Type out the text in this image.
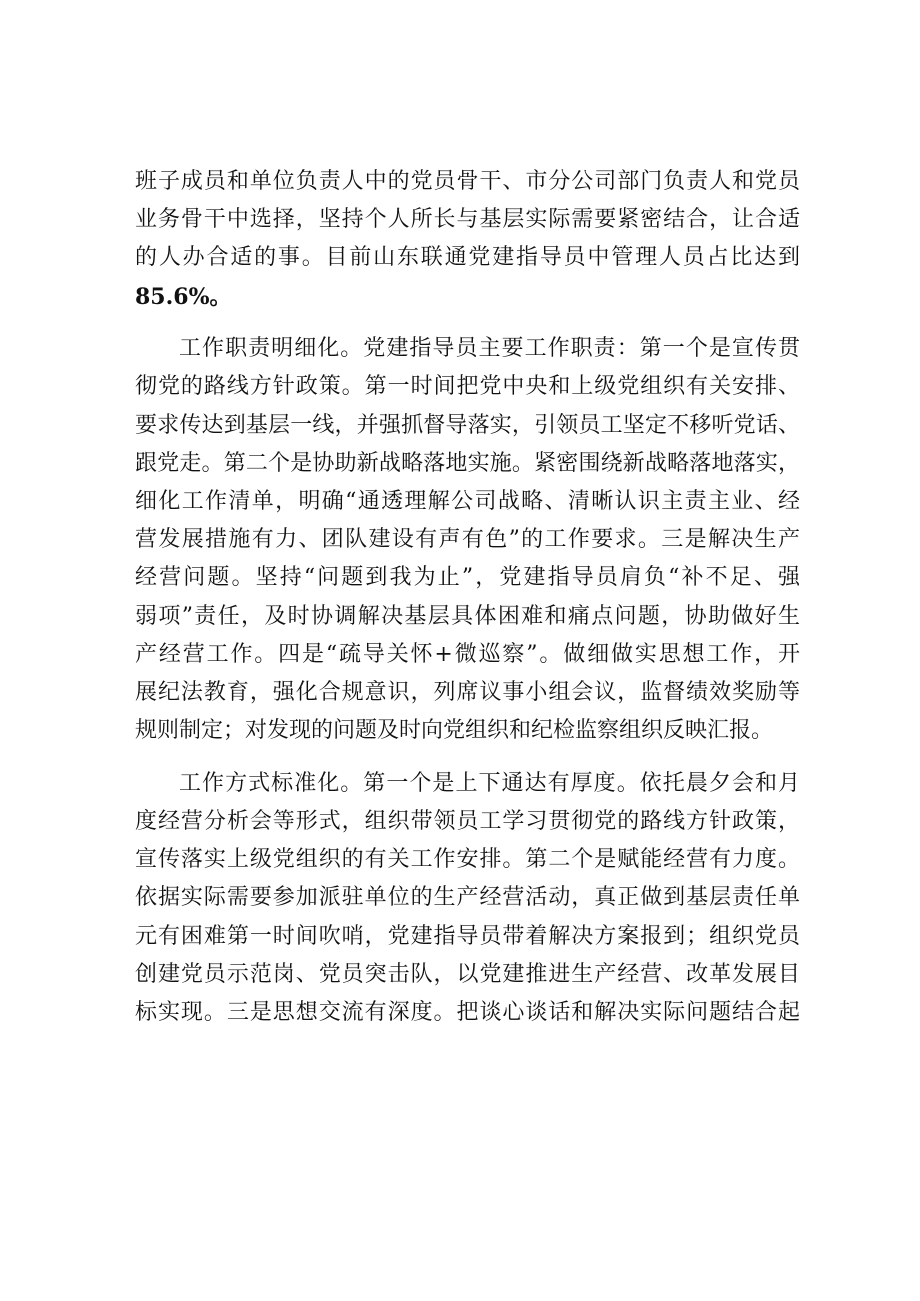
班子成员和单位负责人中的党员骨干、市分公司部门负责人和党员
业务骨干中选择，坚持个人所长与基层实际需要紧密结合，让合适
的人办合适的事。目前山东联通党建指导员中管理人员占比达到
85.6%。
工作职责明细化。党建指导员主要工作职责：第一个是宣传贯
彻党的路线方针政策。第一时间把党中央和上级党组织有关安排、
要求传达到基层一线，并强抓督导落实，引领员工坚定不移听党话、
跟党走。第二个是协助新战略落地实施。紧密围绕新战略落地落实，
细化工作清单，明确“通透理解公司战略、清晰认识主责主业、经
营发展措施有力、团队建设有声有色”的工作要求。三是解决生产
经营问题。坚持“问题到我为止”，党建指导员肩负“补不足、强
弱项”责任，及时协调解决基层具体困难和痛点问题，协助做好生
产经营工作。四是“疏导关怀+微巡察”。做细做实思想工作，开
展纪法教育，强化合规意识，列席议事小组会议，监督绩效奖励等
规则制定；对发现的问题及时向党组织和纪检监察组织反映汇报。
工作方式标准化。第一个是上下通达有厚度。依托晨夕会和月
度经营分析会等形式，组织带领员工学习贯彻党的路线方针政策，
宣传落实上级党组织的有关工作安排。第二个是赋能经营有力度。
依据实际需要参加派驻单位的生产经营活动，真正做到基层责任单
元有困难第一时间吹哨，党建指导员带着解决方案报到；组织党员
创建党员示范岗、党员突击队，以党建推进生产经营、改革发展目
标实现。三是思想交流有深度。把谈心谈话和解决实际问题结合起
